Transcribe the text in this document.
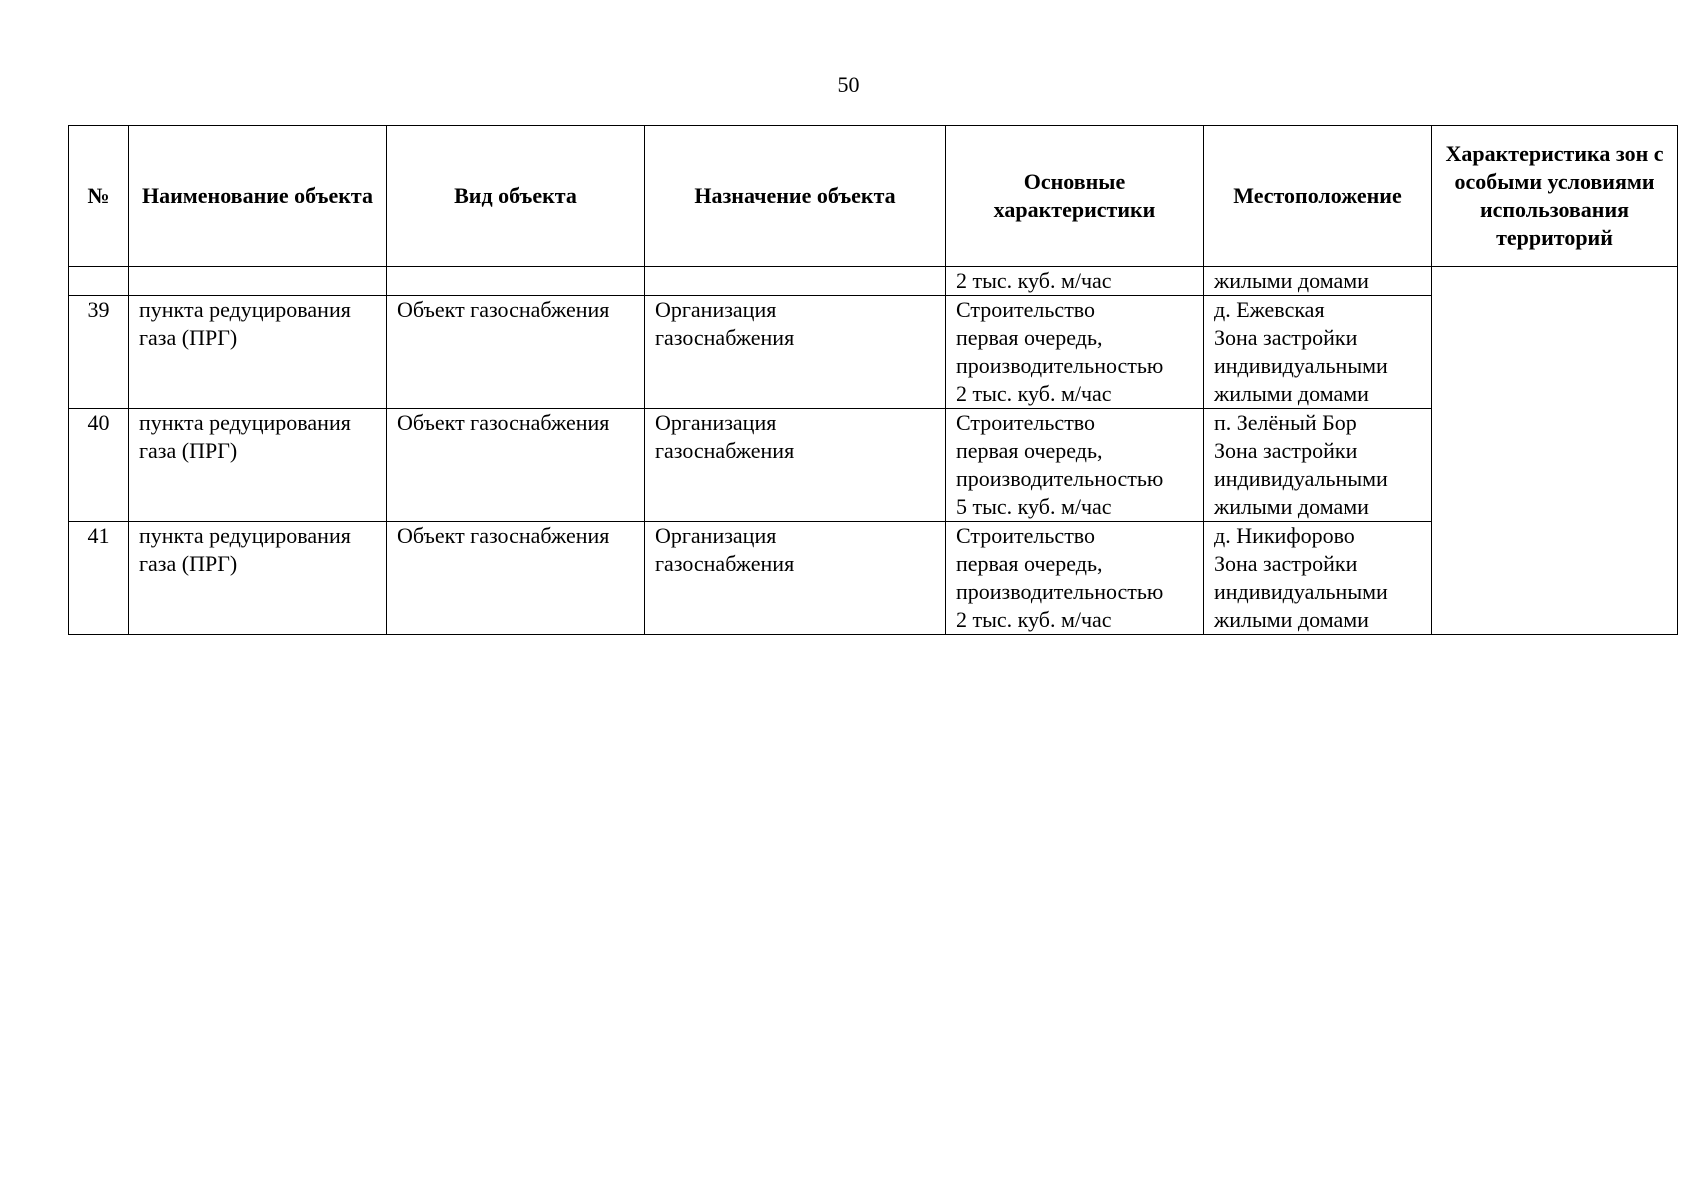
50
№	Наименование объекта	Вид объекта	Назначение объекта	Основные характеристики	Местоположение	Характеристика зон с особыми условиями использования территорий

				2 тыс. куб. м/час	жилыми домами	

39	пункта редуцирования
газа (ПРГ)	Объект газоснабжения	Организация
газоснабжения	Строительство
первая очередь,
производительностью
2 тыс. куб. м/час	д. Ежевская
Зона застройки
индивидуальными
жилыми домами	

40	пункта редуцирования
газа (ПРГ)	Объект газоснабжения	Организация
газоснабжения	Строительство
первая очередь,
производительностью
5 тыс. куб. м/час	п. Зелёный Бор
Зона застройки
индивидуальными
жилыми домами	

41	пункта редуцирования
газа (ПРГ)	Объект газоснабжения	Организация
газоснабжения	Строительство
первая очередь,
производительностью
2 тыс. куб. м/час	д. Никифорово
Зона застройки
индивидуальными
жилыми домами	
